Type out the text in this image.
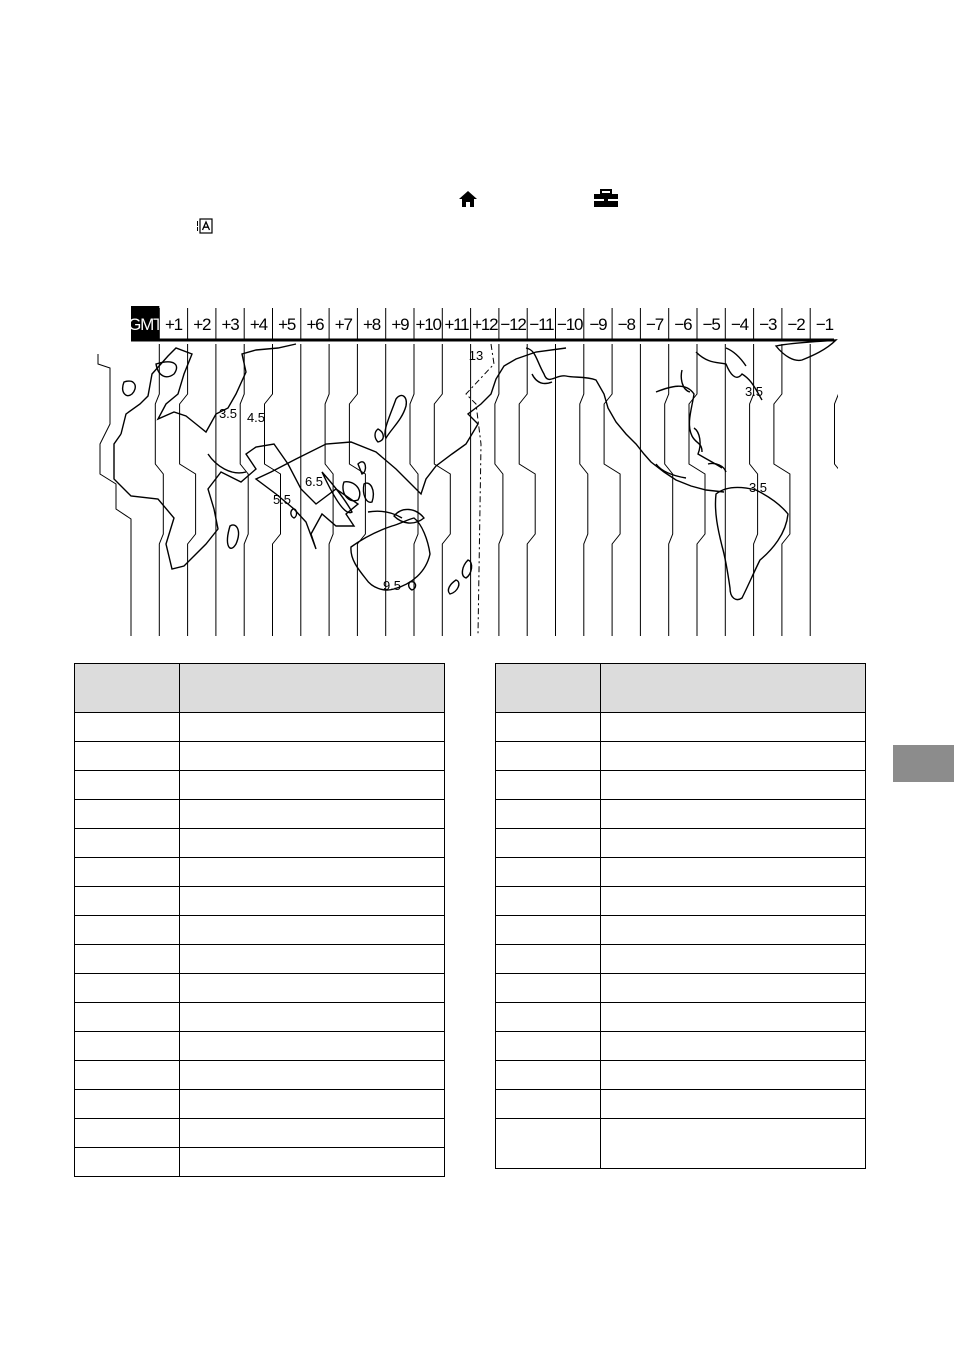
GMT +1 +2 +3 +4 +5 +6 +7 +8 +9 +10 +11 +12 −12 −11 −10 −9 −8 −7 −6 −5 −4 −3 −2 −1
13
3.5 4.5
5.5
6.5
9.5
3.5
3.5
